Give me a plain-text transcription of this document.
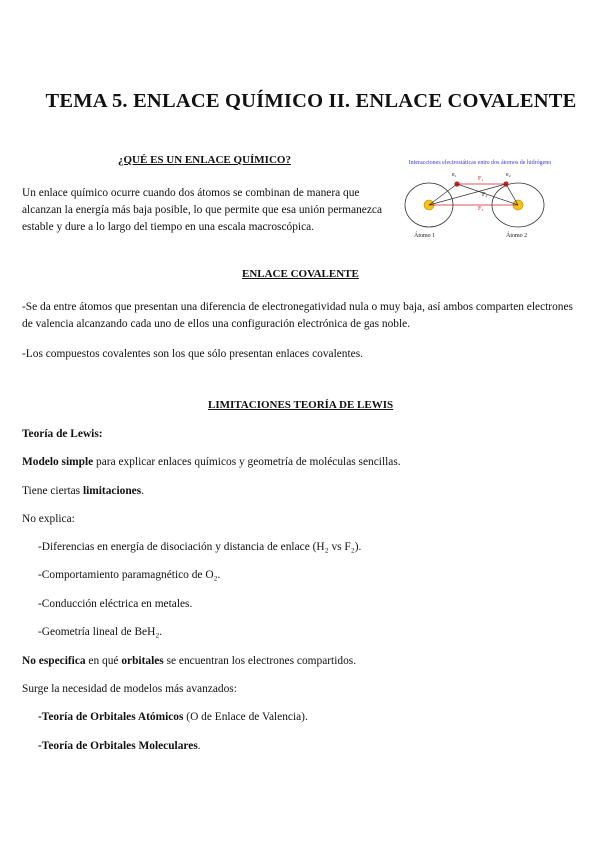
TEMA 5. ENLACE QUÍMICO II. ENLACE COVALENTE
¿QUÉ ES UN ENLACE QUÍMICO?
Un enlace químico ocurre cuando dos átomos se combinan de manera que alcanzan la energía más baja posible, lo que permite que esa unión permanezca estable y dure a lo largo del tiempo en una escala macroscópica.
Interacciones electrostáticas entre dos átomos de hidrógeno
e₁	e₂
F₁
F₂
F₃
Átomo 1	Átomo 2
ENLACE COVALENTE
-Se da entre átomos que presentan una diferencia de electronegatividad nula o muy baja, así ambos comparten electrones de valencia alcanzando cada uno de ellos una configuración electrónica de gas noble.
-Los compuestos covalentes son los que sólo presentan enlaces covalentes.
LIMITACIONES TEORÍA DE LEWIS
Teoría de Lewis:
Modelo simple para explicar enlaces químicos y geometría de moléculas sencillas.
Tiene ciertas limitaciones.
No explica:
-Diferencias en energía de disociación y distancia de enlace (H₂ vs F₂).
-Comportamiento paramagnético de O₂.
-Conducción eléctrica en metales.
-Geometría lineal de BeH₂.
No especifica en qué orbitales se encuentran los electrones compartidos.
Surge la necesidad de modelos más avanzados:
-Teoría de Orbitales Atómicos (O de Enlace de Valencia).
-Teoría de Orbitales Moleculares.
